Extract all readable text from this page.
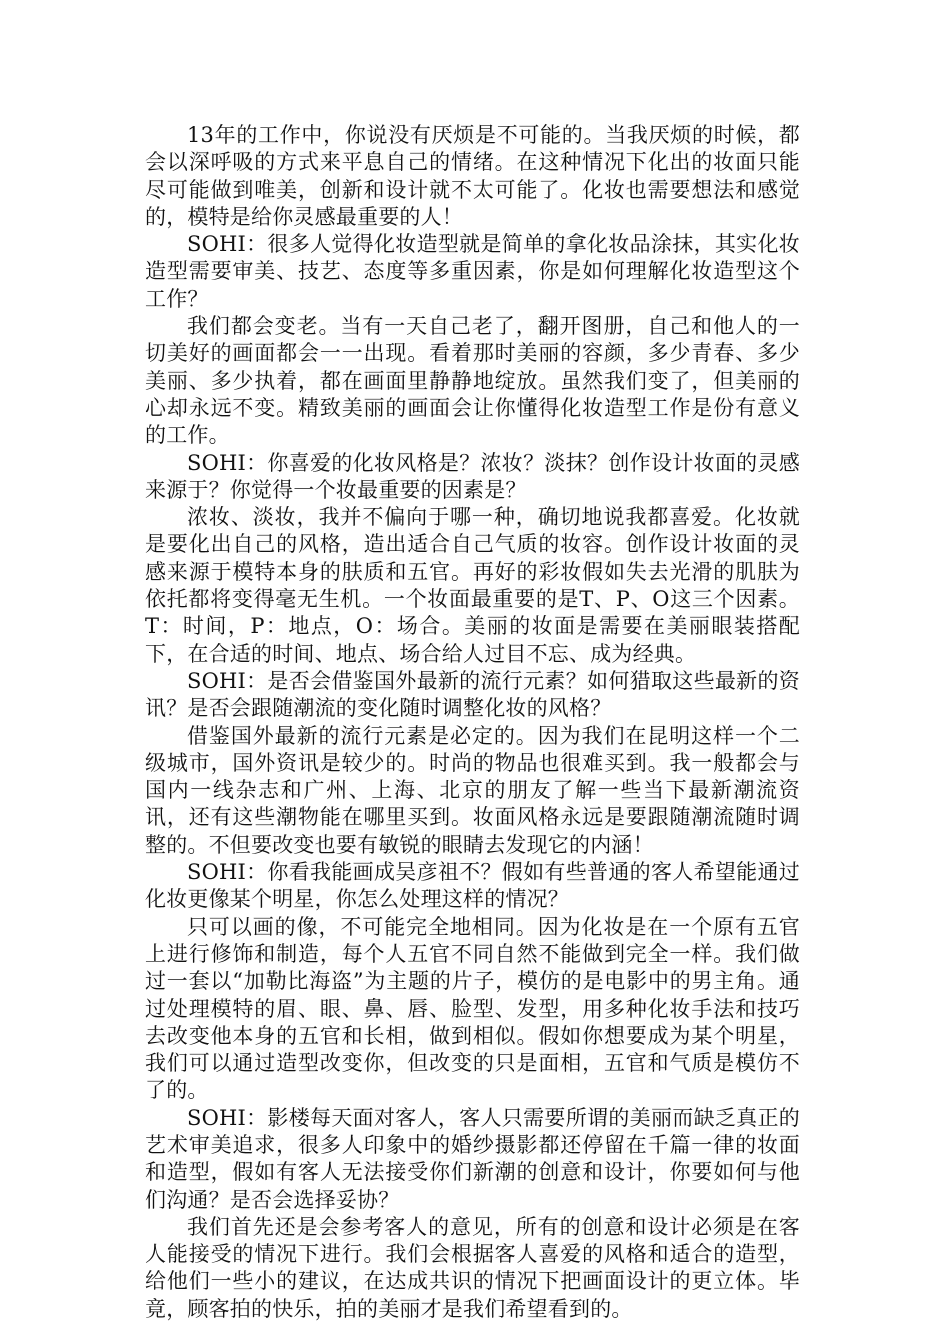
13年的工作中，你说没有厌烦是不可能的。当我厌烦的时候，都会以深呼吸的方式来平息自己的情绪。在这种情况下化出的妆面只能尽可能做到唯美，创新和设计就不太可能了。化妆也需要想法和感觉的，模特是给你灵感最重要的人！

SOHI：很多人觉得化妆造型就是简单的拿化妆品涂抹，其实化妆造型需要审美、技艺、态度等多重因素，你是如何理解化妆造型这个工作？

我们都会变老。当有一天自己老了，翻开图册，自己和他人的一切美好的画面都会一一出现。看着那时美丽的容颜，多少青春、多少美丽、多少执着，都在画面里静静地绽放。虽然我们变了，但美丽的心却永远不变。精致美丽的画面会让你懂得化妆造型工作是份有意义的工作。

SOHI：你喜爱的化妆风格是？浓妆？淡抹？创作设计妆面的灵感来源于？你觉得一个妆最重要的因素是？

浓妆、淡妆，我并不偏向于哪一种，确切地说我都喜爱。化妆就是要化出自己的风格，造出适合自己气质的妆容。创作设计妆面的灵感来源于模特本身的肤质和五官。再好的彩妆假如失去光滑的肌肤为依托都将变得毫无生机。一个妆面最重要的是T、P、O这三个因素。T：时间，P：地点，O：场合。美丽的妆面是需要在美丽眼装搭配下，在合适的时间、地点、场合给人过目不忘、成为经典。

SOHI：是否会借鉴国外最新的流行元素？如何猎取这些最新的资讯？是否会跟随潮流的变化随时调整化妆的风格？

借鉴国外最新的流行元素是必定的。因为我们在昆明这样一个二级城市，国外资讯是较少的。时尚的物品也很难买到。我一般都会与国内一线杂志和广州、上海、北京的朋友了解一些当下最新潮流资讯，还有这些潮物能在哪里买到。妆面风格永远是要跟随潮流随时调整的。不但要改变也要有敏锐的眼睛去发现它的内涵！

SOHI：你看我能画成吴彦祖不？假如有些普通的客人希望能通过化妆更像某个明星，你怎么处理这样的情况？

只可以画的像，不可能完全地相同。因为化妆是在一个原有五官上进行修饰和制造，每个人五官不同自然不能做到完全一样。我们做过一套以“加勒比海盗”为主题的片子，模仿的是电影中的男主角。通过处理模特的眉、眼、鼻、唇、脸型、发型，用多种化妆手法和技巧去改变他本身的五官和长相，做到相似。假如你想要成为某个明星，我们可以通过造型改变你，但改变的只是面相，五官和气质是模仿不了的。

SOHI：影楼每天面对客人，客人只需要所谓的美丽而缺乏真正的艺术审美追求，很多人印象中的婚纱摄影都还停留在千篇一律的妆面和造型，假如有客人无法接受你们新潮的创意和设计，你要如何与他们沟通？是否会选择妥协？

我们首先还是会参考客人的意见，所有的创意和设计必须是在客人能接受的情况下进行。我们会根据客人喜爱的风格和适合的造型，给他们一些小的建议，在达成共识的情况下把画面设计的更立体。毕竟，顾客拍的快乐，拍的美丽才是我们希望看到的。
